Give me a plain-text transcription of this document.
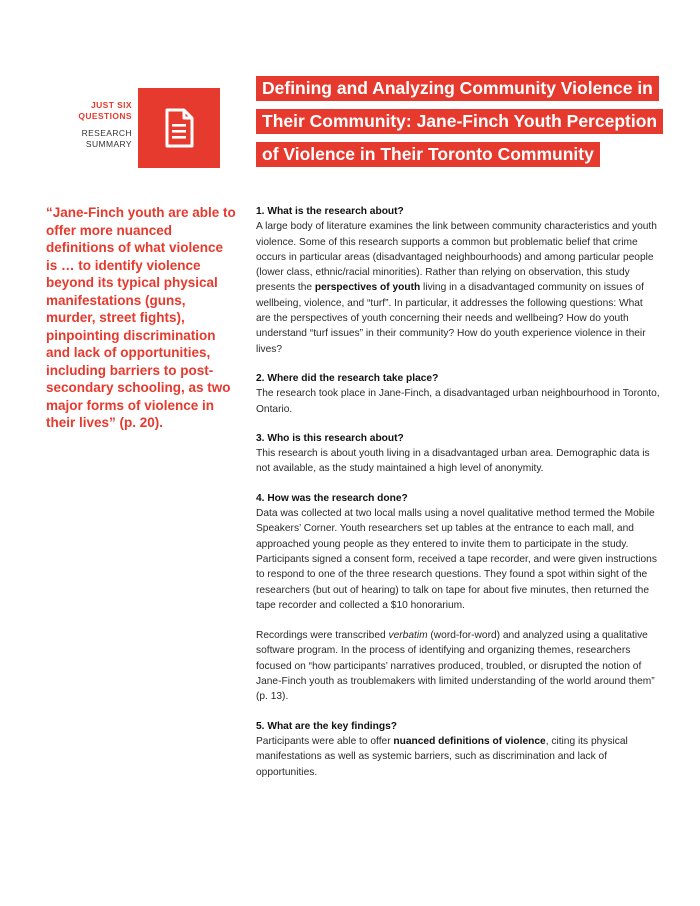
JUST SIX
QUESTIONS
RESEARCH
SUMMARY
Defining and Analyzing Community Violence in
Their Community: Jane-Finch Youth Perception
of Violence in Their Toronto Community
“Jane-Finch youth are able to offer more nuanced definitions of what violence is … to identify violence beyond its typical physical manifestations (guns, murder, street fights), pinpointing discrimination and lack of opportunities, including barriers to post-secondary schooling, as two major forms of violence in their lives” (p. 20).
1. What is the research about?

A large body of literature examines the link between community characteristics and youth violence. Some of this research supports a common but problematic belief that crime occurs in particular areas (disadvantaged neighbourhoods) and among particular people (lower class, ethnic/racial minorities). Rather than relying on observation, this study presents the perspectives of youth living in a disadvantaged community on issues of wellbeing, violence, and “turf”. In particular, it addresses the following questions: What are the perspectives of youth concerning their needs and wellbeing? How do youth understand “turf issues” in their community? How do youth experience violence in their lives?

2. Where did the research take place?

The research took place in Jane-Finch, a disadvantaged urban neighbourhood in Toronto, Ontario.

3. Who is this research about?

This research is about youth living in a disadvantaged urban area. Demographic data is not available, as the study maintained a high level of anonymity.

4. How was the research done?

Data was collected at two local malls using a novel qualitative method termed the Mobile Speakers’ Corner. Youth researchers set up tables at the entrance to each mall, and approached young people as they entered to invite them to participate in the study. Participants signed a consent form, received a tape recorder, and were given instructions to respond to one of the three research questions. They found a spot within sight of the researchers (but out of hearing) to talk on tape for about five minutes, then returned the tape recorder and collected a $10 honorarium.

Recordings were transcribed verbatim (word-for-word) and analyzed using a qualitative software program. In the process of identifying and organizing themes, researchers focused on “how participants’ narratives produced, troubled, or disrupted the notion of Jane-Finch youth as troublemakers with limited understanding of the world around them” (p. 13).

5. What are the key findings?

Participants were able to offer nuanced definitions of violence, citing its physical manifestations as well as systemic barriers, such as discrimination and lack of opportunities.
